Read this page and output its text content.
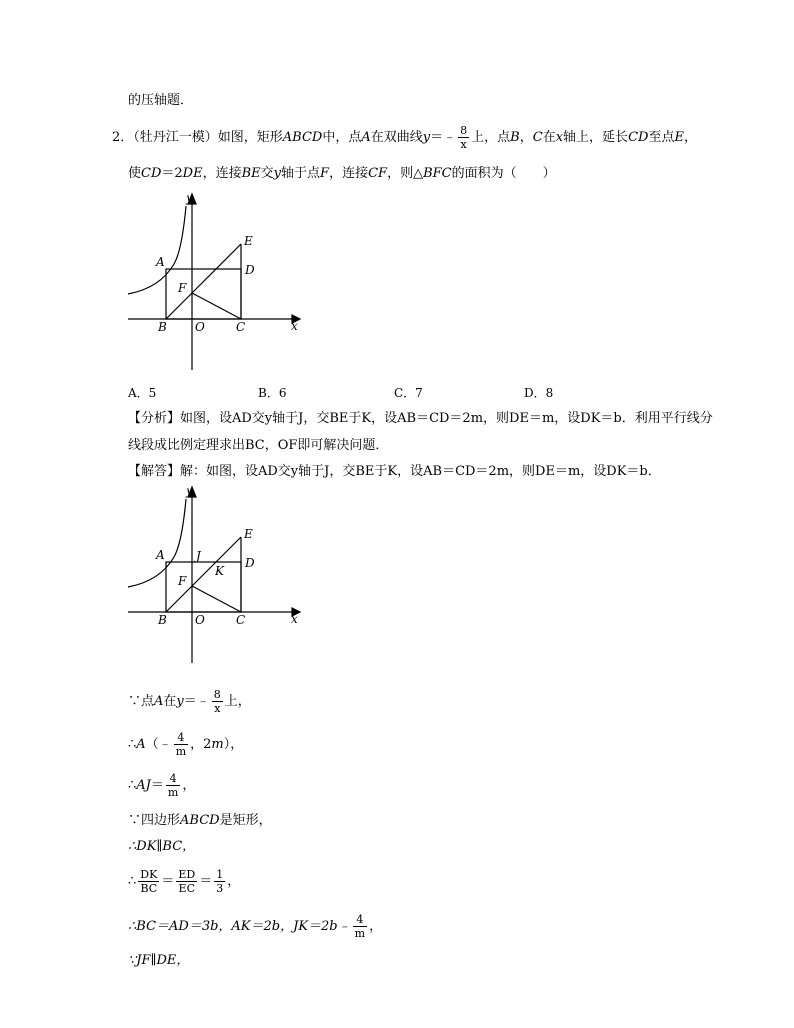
的压轴题．
2．（牡丹江一模）如图，矩形ABCD中，点A在双曲线y＝﹣ $\frac{8}{x}$ 上，点B，C在x轴上，延长CD至点E，
使CD＝2DE，连接BE交y轴于点F，连接CF，则△BFC的面积为（　　）
y
x
A
E
D
F
B O	C
A．5	B．6	C．7	D．8
【分析】如图，设AD交y轴于J，交BE于K，设AB＝CD＝2m，则DE＝m，设DK＝b．利用平行线分
线段成比例定理求出BC，OF即可解决问题．
【解答】解：如图，设AD交y轴于J，交BE于K，设AB＝CD＝2m，则DE＝m，设DK＝b．
y
x
A	J
K
E
D
F
B O	C
∵点A在y＝﹣ $\frac{8}{x}$ 上，
∴A（﹣ $\frac{4}{m}$ ，2m），
∴AJ＝ $\frac{4}{m}$ ，
∵四边形ABCD是矩形，
∴DK∥BC，
∴ $\frac{DK}{BC} = \frac{ED}{EC} = \frac{1}{3}$ ，
∴BC＝AD＝3b，AK＝2b，JK＝2b﹣ $\frac{4}{m}$ ，
∵JF∥DE，
